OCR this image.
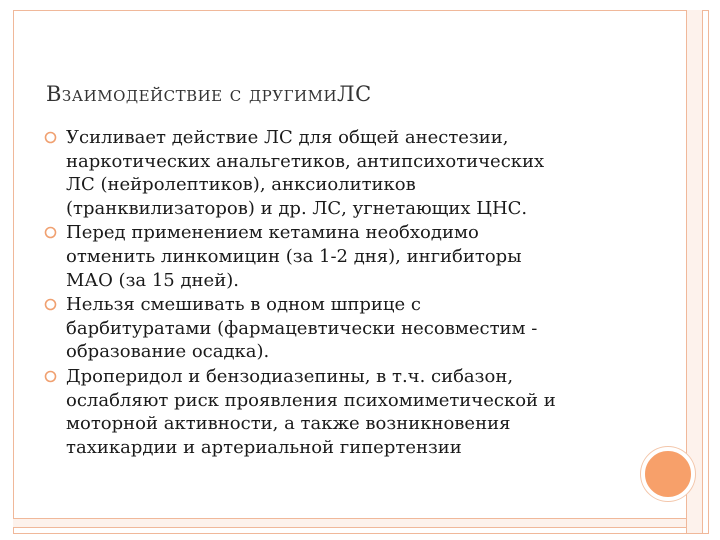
Взаимодействие с другимиЛС
Усиливает действие ЛС для общей анестезии,
наркотических анальгетиков, антипсихотических
ЛС (нейролептиков), анксиолитиков
(транквилизаторов) и др. ЛС, угнетающих ЦНС.
Перед применением кетамина необходимо
отменить линкомицин (за 1-2 дня), ингибиторы
МАО (за 15 дней).
Нельзя смешивать в одном шприце с
барбитуратами (фармацевтически несовместим -
образование осадка).
Дроперидол и бензодиазепины, в т.ч. сибазон,
ослабляют риск проявления психомиметической и
моторной активности, а также возникновения
тахикардии и артериальной гипертензии
